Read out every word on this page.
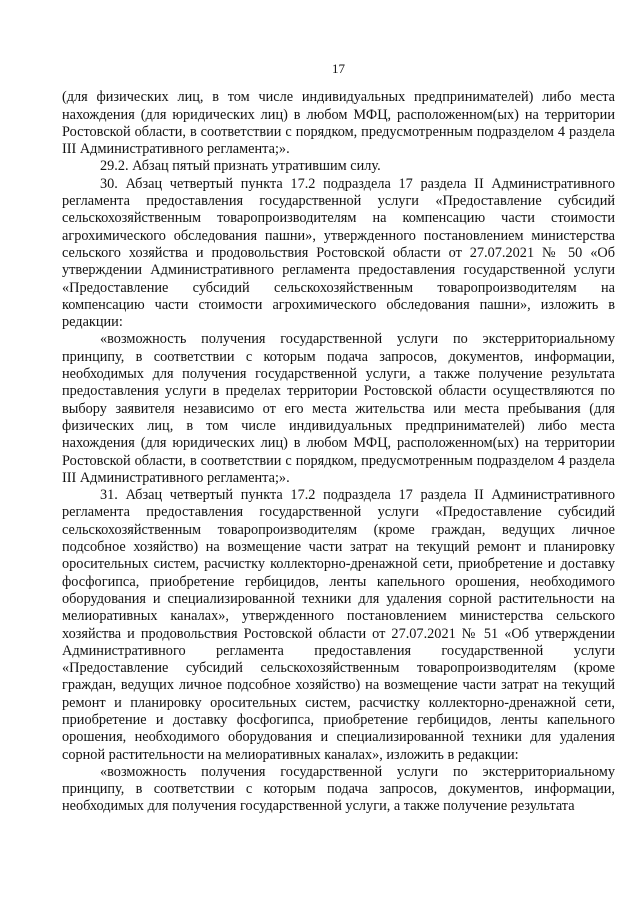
17

(для физических лиц, в том числе индивидуальных предпринимателей) либо места нахождения (для юридических лиц) в любом МФЦ, расположенном(ых) на территории Ростовской области, в соответствии с порядком, предусмотренным подразделом 4 раздела III Административного регламента;».

29.2. Абзац пятый признать утратившим силу.

30. Абзац четвертый пункта 17.2 подраздела 17 раздела II Административного регламента предоставления государственной услуги «Предоставление субсидий сельскохозяйственным товаропроизводителям на компенсацию части стоимости агрохимического обследования пашни», утвержденного постановлением министерства сельского хозяйства и продовольствия Ростовской области от 27.07.2021 № 50 «Об утверждении Административного регламента предоставления государственной услуги «Предоставление субсидий сельскохозяйственным товаропроизводителям на компенсацию части стоимости агрохимического обследования пашни», изложить в редакции:

«возможность получения государственной услуги по экстерриториальному принципу, в соответствии с которым подача запросов, документов, информации, необходимых для получения государственной услуги, а также получение результата предоставления услуги в пределах территории Ростовской области осуществляются по выбору заявителя независимо от его места жительства или места пребывания (для физических лиц, в том числе индивидуальных предпринимателей) либо места нахождения (для юридических лиц) в любом МФЦ, расположенном(ых) на территории Ростовской области, в соответствии с порядком, предусмотренным подразделом 4 раздела III Административного регламента;».

31. Абзац четвертый пункта 17.2 подраздела 17 раздела II Административного регламента предоставления государственной услуги «Предоставление субсидий сельскохозяйственным товаропроизводителям (кроме граждан, ведущих личное подсобное хозяйство) на возмещение части затрат на текущий ремонт и планировку оросительных систем, расчистку коллекторно-дренажной сети, приобретение и доставку фосфогипса, приобретение гербицидов, ленты капельного орошения, необходимого оборудования и специализированной техники для удаления сорной растительности на мелиоративных каналах», утвержденного постановлением министерства сельского хозяйства и продовольствия Ростовской области от 27.07.2021 № 51 «Об утверждении Административного регламента предоставления государственной услуги «Предоставление субсидий сельскохозяйственным товаропроизводителям (кроме граждан, ведущих личное подсобное хозяйство) на возмещение части затрат на текущий ремонт и планировку оросительных систем, расчистку коллекторно-дренажной сети, приобретение и доставку фосфогипса, приобретение гербицидов, ленты капельного орошения, необходимого оборудования и специализированной техники для удаления сорной растительности на мелиоративных каналах», изложить в редакции:

«возможность получения государственной услуги по экстерриториальному принципу, в соответствии с которым подача запросов, документов, информации, необходимых для получения государственной услуги, а также получение результата
